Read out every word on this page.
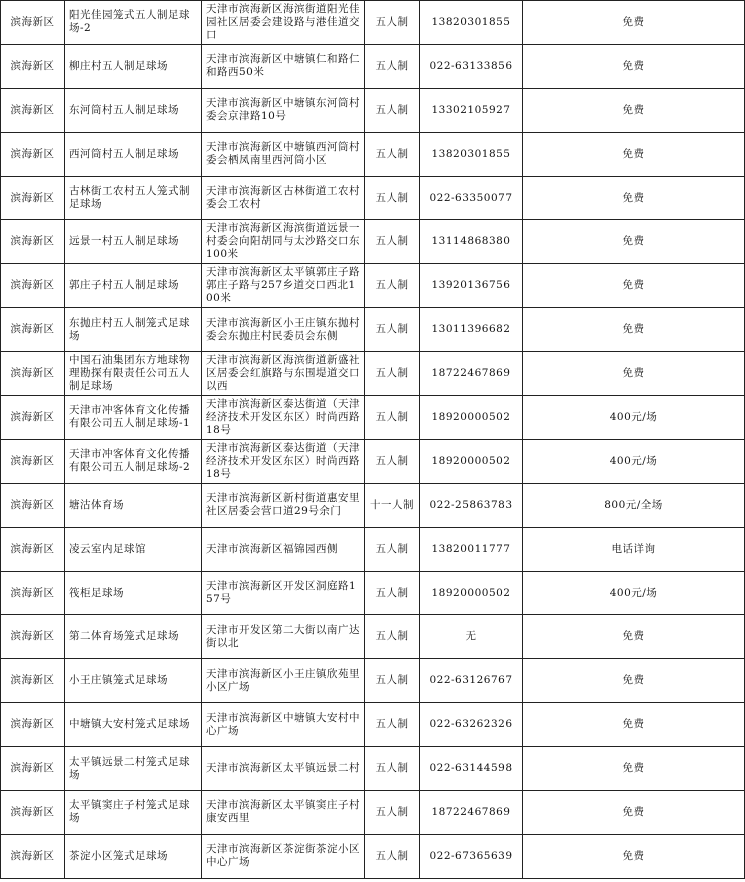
滨海新区	阳光佳园笼式五人制足球场-2	天津市滨海新区海滨街道阳光佳园社区居委会建设路与港佳道交口	五人制	13820301855	免费
滨海新区	柳庄村五人制足球场	天津市滨海新区中塘镇仁和路仁和路西50米	五人制	022-63133856	免费
滨海新区	东河筒村五人制足球场	天津市滨海新区中塘镇东河筒村委会京津路10号	五人制	13302105927	免费
滨海新区	西河筒村五人制足球场	天津市滨海新区中塘镇西河筒村委会栖凤南里西河筒小区	五人制	13820301855	免费
滨海新区	古林街工农村五人笼式制足球场	天津市滨海新区古林街道工农村委会工农村	五人制	022-63350077	免费
滨海新区	远景一村五人制足球场	天津市滨海新区海滨街道远景一村委会向阳胡同与太沙路交口东100米	五人制	13114868380	免费
滨海新区	郭庄子村五人制足球场	天津市滨海新区太平镇郭庄子路郭庄子路与257乡道交口西北100米	五人制	13920136756	免费
滨海新区	东抛庄村五人制笼式足球场	天津市滨海新区小王庄镇东抛村委会东抛庄村民委员会东侧	五人制	13011396682	免费
滨海新区	中国石油集团东方地球物理勘探有限责任公司五人制足球场	天津市滨海新区海滨街道新盛社区居委会红旗路与东围堤道交口以西	五人制	18722467869	免费
滨海新区	天津市冲客体育文化传播有限公司五人制足球场-1	天津市滨海新区泰达街道（天津经济技术开发区东区）时尚西路18号	五人制	18920000502	400元/场
滨海新区	天津市冲客体育文化传播有限公司五人制足球场-2	天津市滨海新区泰达街道（天津经济技术开发区东区）时尚西路18号	五人制	18920000502	400元/场
滨海新区	塘沽体育场	天津市滨海新区新村街道惠安里社区居委会营口道29号余门	十一人制	022-25863783	800元/全场
滨海新区	凌云室内足球馆	天津市滨海新区福锦园西侧	五人制	13820011777	电话详询
滨海新区	筏柜足球场	天津市滨海新区开发区洞庭路157号	五人制	18920000502	400元/场
滨海新区	第二体育场笼式足球场	天津市开发区第二大街以南广达街以北	五人制	无	免费
滨海新区	小王庄镇笼式足球场	天津市滨海新区小王庄镇欣苑里小区广场	五人制	022-63126767	免费
滨海新区	中塘镇大安村笼式足球场	天津市滨海新区中塘镇大安村中心广场	五人制	022-63262326	免费
滨海新区	太平镇远景二村笼式足球场	天津市滨海新区太平镇远景二村	五人制	022-63144598	免费
滨海新区	太平镇窦庄子村笼式足球场	天津市滨海新区太平镇窦庄子村康安西里	五人制	18722467869	免费
滨海新区	茶淀小区笼式足球场	天津市滨海新区茶淀街茶淀小区中心广场	五人制	022-67365639	免费
